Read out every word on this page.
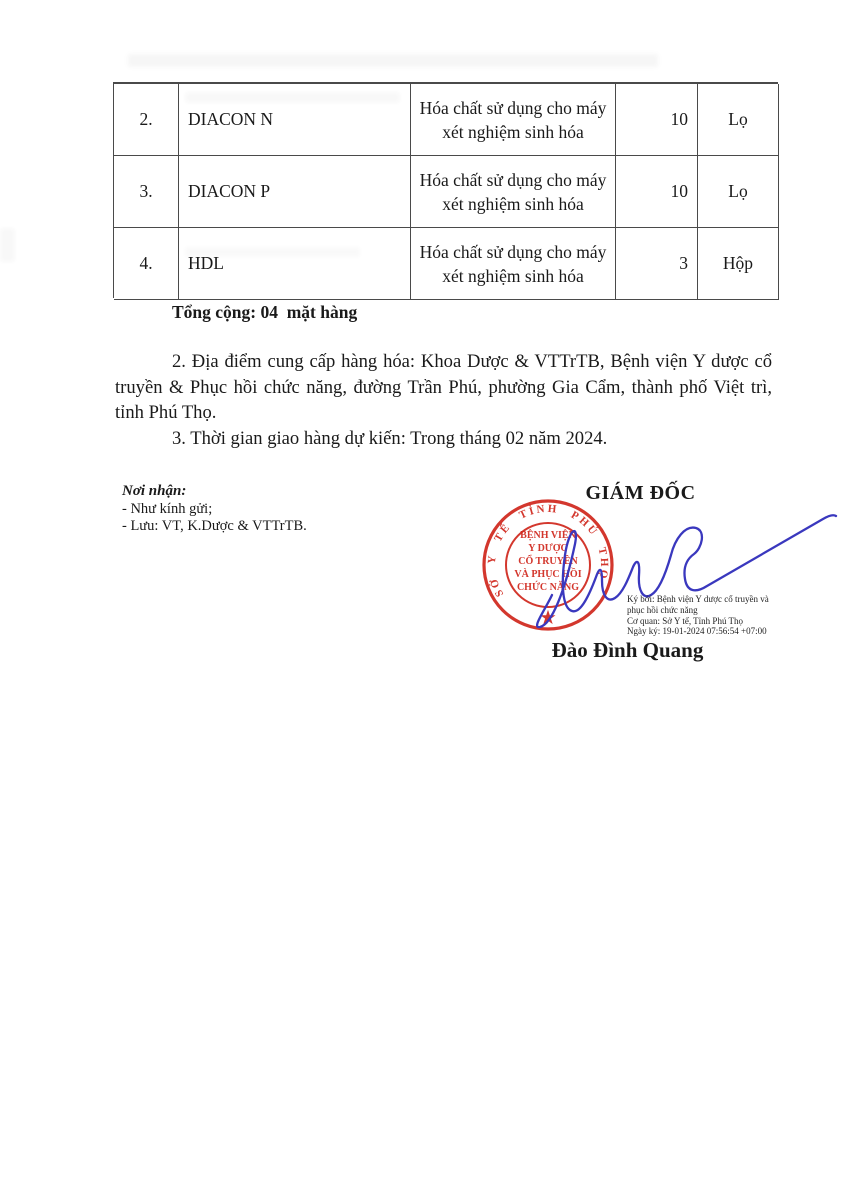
2. DIACON N
Hóa chất sử dụng cho máy
xét nghiệm sinh hóa
10 Lọ
3. DIACON P
Hóa chất sử dụng cho máy
xét nghiệm sinh hóa
10 Lọ
4. HDL
Hóa chất sử dụng cho máy
xét nghiệm sinh hóa
3 Hộp
Tổng cộng: 04  mặt hàng

2. Địa điểm cung cấp hàng hóa: Khoa Dược & VTTrTB, Bệnh viện Y dược cổ truyền & Phục hồi chức năng, đường Trần Phú, phường Gia Cẩm, thành phố Việt trì, tỉnh Phú Thọ.

3. Thời gian giao hàng dự kiến: Trong tháng 02 năm 2024.

Nơi nhận:
- Như kính gửi;
- Lưu: VT, K.Dược & VTTrTB.
GIÁM ĐỐC
SỞ Y TẾ TỈNH PHÚ THỌ
BỆNH VIỆN
Y DƯỢC
CỔ TRUYỀN
VÀ PHỤC HỒI
CHỨC NĂNG
Ký bởi: Bệnh viện Y dược cổ truyền và
phục hồi chức năng
Cơ quan: Sở Y tế, Tỉnh Phú Thọ
Ngày ký: 19-01-2024 07:56:54 +07:00
Đào Đình Quang
